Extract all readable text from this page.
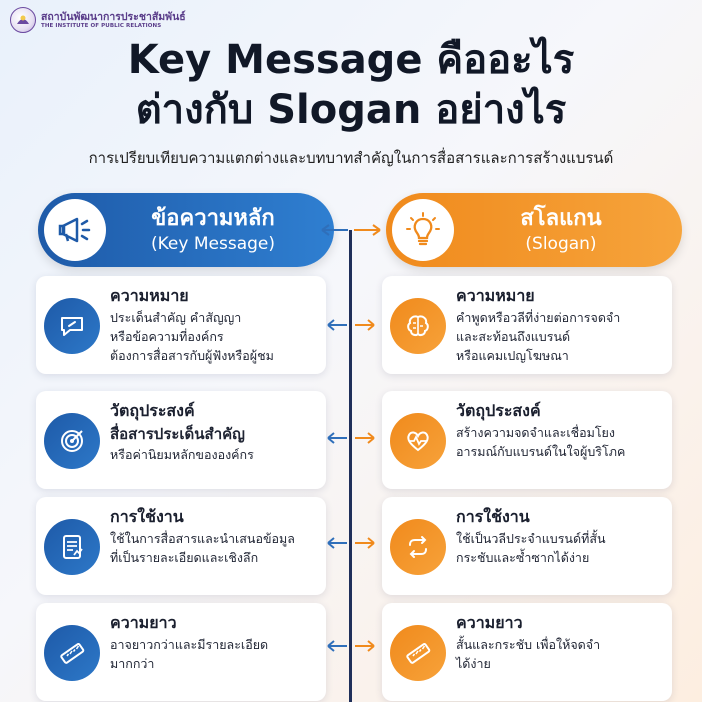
สถาบันพัฒนาการประชาสัมพันธ์
THE INSTITUTE OF PUBLIC RELATIONS
Key Message คืออะไร
ต่างกับ Slogan อย่างไร
การเปรียบเทียบความแตกต่างและบทบาทสำคัญในการสื่อสารและการสร้างแบรนด์
ข้อความหลัก
(Key Message)
สโลแกน
(Slogan)
ความหมาย
ประเด็นสำคัญ คำสัญญา
หรือข้อความที่องค์กร
ต้องการสื่อสารกับผู้ฟังหรือผู้ชม
ความหมาย
คำพูดหรือวลีที่ง่ายต่อการจดจำ
และสะท้อนถึงแบรนด์
หรือแคมเปญโฆษณา
วัตถุประสงค์
สื่อสารประเด็นสำคัญ
หรือค่านิยมหลักขององค์กร
วัตถุประสงค์
สร้างความจดจำและเชื่อมโยง
อารมณ์กับแบรนด์ในใจผู้บริโภค
การใช้งาน
ใช้ในการสื่อสารและนำเสนอข้อมูล
ที่เป็นรายละเอียดและเชิงลึก
การใช้งาน
ใช้เป็นวลีประจำแบรนด์ที่สั้น
กระชับและซ้ำซากได้ง่าย
ความยาว
อาจยาวกว่าและมีรายละเอียด
มากกว่า
ความยาว
สั้นและกระชับ เพื่อให้จดจำ
ได้ง่าย
